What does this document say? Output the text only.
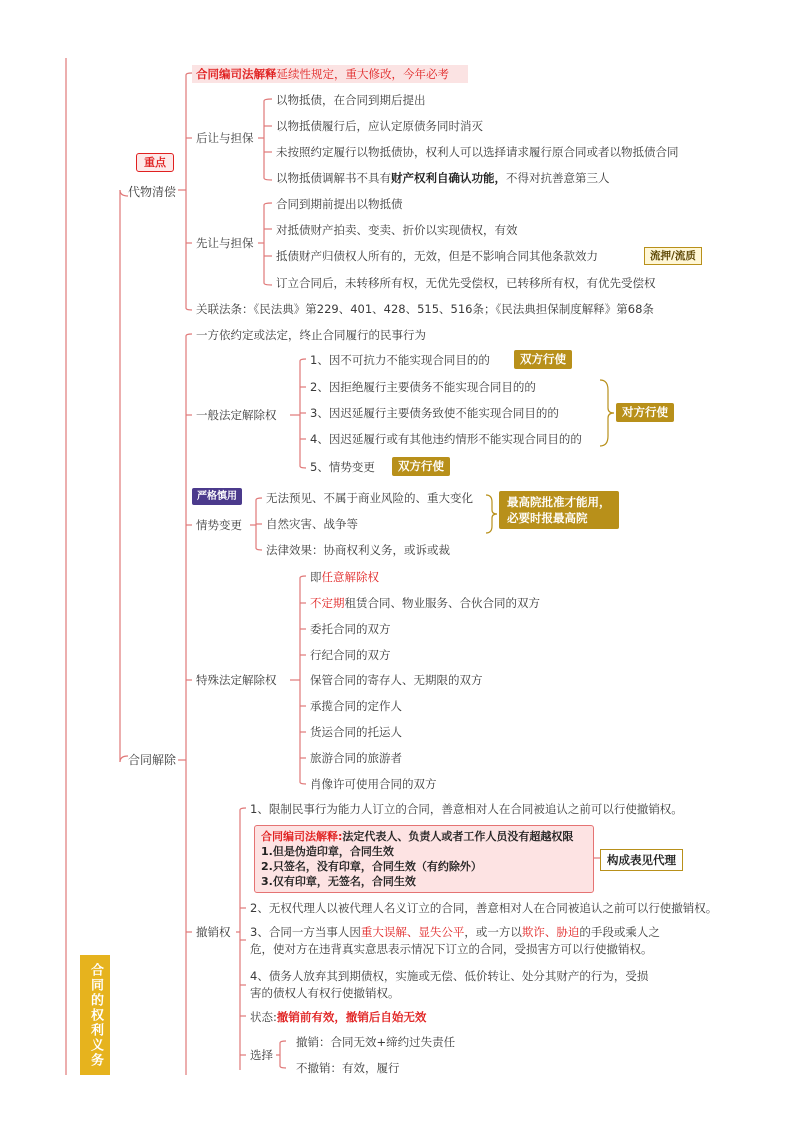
合同的权利义务
重点
代物清偿
合同编司法解释延续性规定，重大修改，今年必考
后让与担保
以物抵债，在合同到期后提出
以物抵债履行后，应认定原债务同时消灭
未按照约定履行以物抵债协，权利人可以选择请求履行原合同或者以物抵债合同
以物抵债调解书不具有财产权利自确认功能，不得对抗善意第三人
先让与担保
合同到期前提出以物抵债
对抵债财产拍卖、变卖、折价以实现债权，有效
抵债财产归债权人所有的，无效，但是不影响合同其他条款效力	流押/流质
订立合同后，未转移所有权，无优先受偿权，已转移所有权，有优先受偿权
关联法条：《民法典》第229、401、428、515、516条；《民法典担保制度解释》第68条
一方依约定或法定，终止合同履行的民事行为
一般法定解除权
1、因不可抗力不能实现合同目的的	双方行使
2、因拒绝履行主要债务不能实现合同目的的
3、因迟延履行主要债务致使不能实现合同目的的	对方行使
4、因迟延履行或有其他违约情形不能实现合同目的的
5、情势变更	双方行使
严格慎用
情势变更
无法预见、不属于商业风险的、重大变化
自然灾害、战争等
法律效果：协商权利义务，或诉或裁
最高院批准才能用，
必要时报最高院
合同解除
特殊法定解除权
即任意解除权
不定期租赁合同、物业服务、合伙合同的双方
委托合同的双方
行纪合同的双方
保管合同的寄存人、无期限的双方
承揽合同的定作人
货运合同的托运人
旅游合同的旅游者
肖像许可使用合同的双方
撤销权
1、限制民事行为能力人订立的合同，善意相对人在合同被追认之前可以行使撤销权。
合同编司法解释:法定代表人、负责人或者工作人员没有超越权限
1.但是伪造印章，合同生效
2.只签名，没有印章，合同生效（有约除外）
3.仅有印章，无签名，合同生效
构成表见代理
2、无权代理人以被代理人名义订立的合同，善意相对人在合同被追认之前可以行使撤销权。
3、合同一方当事人因重大误解、显失公平，或一方以欺诈、胁迫的手段或乘人之
危，使对方在违背真实意思表示情况下订立的合同，受损害方可以行使撤销权。
4、债务人放弃其到期债权，实施或无偿、低价转让、处分其财产的行为，受损
害的债权人有权行使撤销权。
状态:撤销前有效，撤销后自始无效
选择
撤销：合同无效+缔约过失责任
不撤销：有效，履行
